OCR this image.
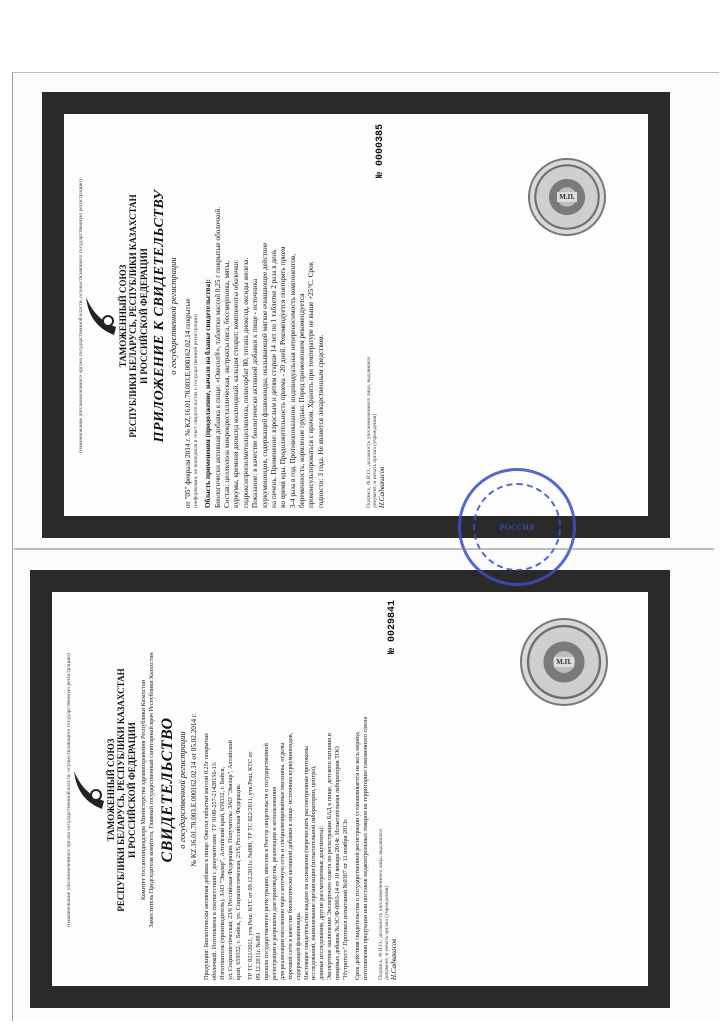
(наименование уполномоченного органа государственной власти, осуществляющего государственную регистрацию)	ТАМОЖЕННЫЙ СОЮЗ РЕСПУБЛИКИ БЕЛАРУСЬ, РЕСПУБЛИКИ КАЗАХСТАН И РОССИЙСКОЙ ФЕДЕРАЦИИ ПРИЛОЖЕНИЕ К СВИДЕТЕЛЬСТВУ о государственной регистрации от "05" февраля 2014 г. № KZ.16.01.78.003.Е.000162.02.14 покрытые (информация, не вошедшая в текст свидетельства о государственной регистрации) Область применения (продолжение, начало на бланке свидетельства): Биологически активная добавка к пище: «Овесол®», таблетки массой 0,25 г покрытые оболочкой. Состав: целлюлоза микрокристаллическая, экстракты овса, бессмертника, мяты, куркумы, кремния диоксид коллоидный, кальция стеарат; компоненты оболочки: гидроксипропилметилцеллюлоза, полисорбат 80, титана диоксид, оксиды железа. Показание: в качестве биологически активной добавки к пище - источника куркуминоидов, содержащей флавоноиды, оказывающей мягкое очищающее действие на печень. Применение: взрослым и детям старше 14 лет по 1 таблетке 2 раза в день во время еды. Продолжительность приема - 20 дней. Рекомендуется повторять прием 3-4 раза в год. Противопоказания: индивидуальная непереносимость компонентов, беременность, кормление грудью. Перед применением рекомендуется проконсультироваться с врачом. Хранить при температуре не выше +25°С. Срок годности: 3 года. Не является лекарственным средством.	Подпись, Ф.И.О., должность уполномоченного лица, выдавшего документ, и печать органа (учреждения) Н.Садвакасов
№ 0000385
М.П.
(наименование уполномоченного органа государственной власти, осуществляющего государственную регистрацию)	ТАМОЖЕННЫЙ СОЮЗ РЕСПУБЛИКИ БЕЛАРУСЬ, РЕСПУБЛИКИ КАЗАХСТАН И РОССИЙСКОЙ ФЕДЕРАЦИИ Комитет госсанэпиднадзора Министерства здравоохранения Республики Казахстан Заместитель Председателя комитета, Главный государственный санитарный врач Республики Казахстан СВИДЕТЕЛЬСТВО о государственной регистрации № KZ.16.01.78.003.Е.000162.02.14 от 05.02.2014 г. Продукция: Биологически активная добавка к пище: Овесол таблетки массой 0.25г покрытые оболочкой. Изготовлена в соответствии с документами: ТУ 9100-257-21428156-13. Изготовитель (производитель): ЗАО "Эвалар", Алтайский край, 659332, г. Бийск, ул. Социалистическая, 23/6 Российская Федерация. Получатель: ЗАО "Эвалар", Алтайский край, 659332, г. Бийск, ул. Социалистическая, 23/6,Российская Федерация. ТР ТС 021/2011, утв.Реш. КТС от 09.12.2011г. №880, ТР ТС 022/2011, утв.Реш. КТС от 09.12.2011г. №881 прошла государственную регистрацию, внесена в Реестр свидетельств о государственной регистрации и разрешена для производства, реализации и использования для реализации населению через аптечную сеть и специализированные магазины, отделы торговой сети в качестве биологически активной добавки к пище- источника куркуминоидов, содержащей флавоноиды. Настоящее свидетельство выдано на основании (перечислить рассмотренные протоколы исследований, наименование организации (испытательной лаборатории, центра), данные исследования, другие рассмотренные документы): Экспертное заключение Экспертного совета по регистрации БАД к пище, детского питания и пищевых добавок №ЭС/Ф-0003-14 от 10 января 2014г. Испытательная лаборатория ТОО "Нутритест" Протокол испытаний №0307 от 11 ноября 2013г. Срок действия свидетельства о государственной регистрации устанавливается на весь период изготовления продукции или поставок подконтрольных товаров на территорию таможенного союза Подпись, Ф.И.О., должность уполномоченного лица, выдавшего документ, и печать органа (учреждения) Н.Садвакасов
№ 0029841
М.П.
РОССИЯ
